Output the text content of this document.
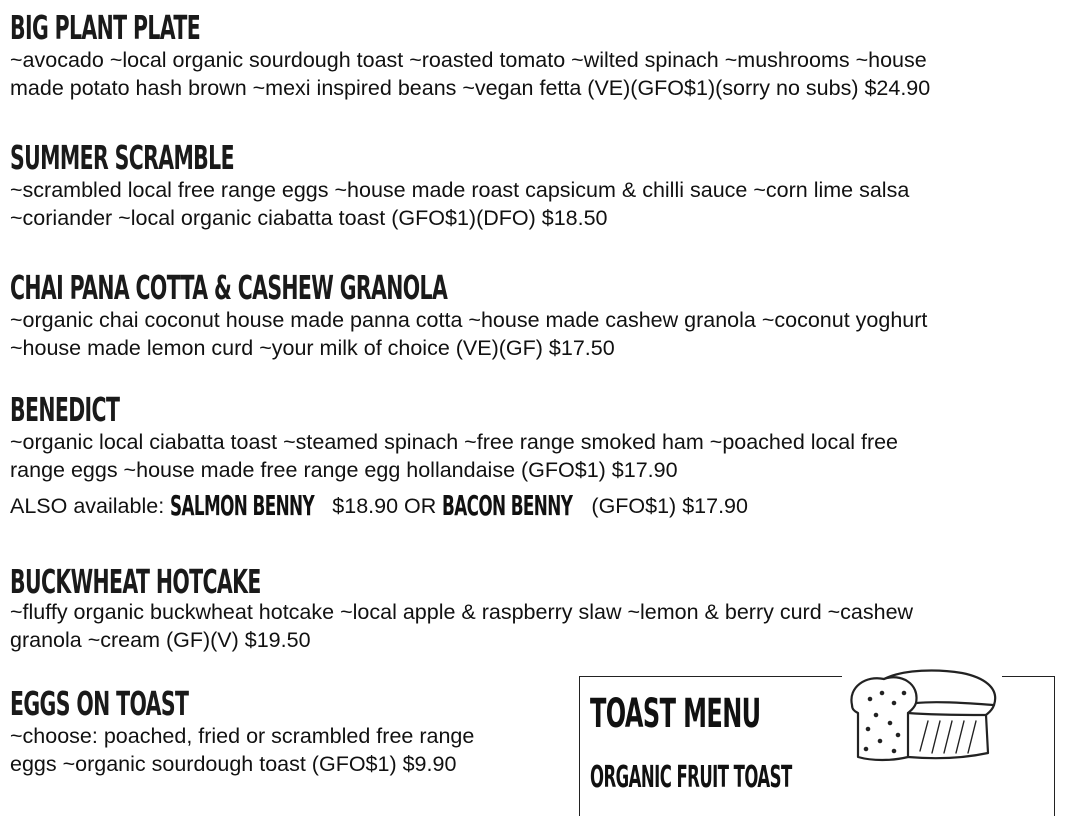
BIG PLANT PLATE
~avocado ~local organic sourdough toast ~roasted tomato ~wilted spinach ~mushrooms ~house
made potato hash brown ~mexi inspired beans ~vegan fetta (VE)(GFO$1)(sorry no subs) $24.90
SUMMER SCRAMBLE
~scrambled local free range eggs ~house made roast capsicum & chilli sauce ~corn lime salsa
~coriander ~local organic ciabatta toast (GFO$1)(DFO) $18.50
CHAI PANA COTTA & CASHEW GRANOLA
~organic chai coconut house made panna cotta ~house made cashew granola ~coconut yoghurt
~house made lemon curd ~your milk of choice (VE)(GF) $17.50
BENEDICT
~organic local ciabatta toast ~steamed spinach ~free range smoked ham ~poached local free
range eggs ~house made free range egg hollandaise (GFO$1) $17.90
ALSO available: SALMON BENNY $18.90 OR BACON BENNY (GFO$1) $17.90
BUCKWHEAT HOTCAKE
~fluffy organic buckwheat hotcake ~local apple & raspberry slaw ~lemon & berry curd ~cashew
granola ~cream (GF)(V) $19.50
EGGS ON TOAST
~choose: poached, fried or scrambled free range
eggs ~organic sourdough toast (GFO$1) $9.90
TOAST MENU
ORGANIC FRUIT TOAST
